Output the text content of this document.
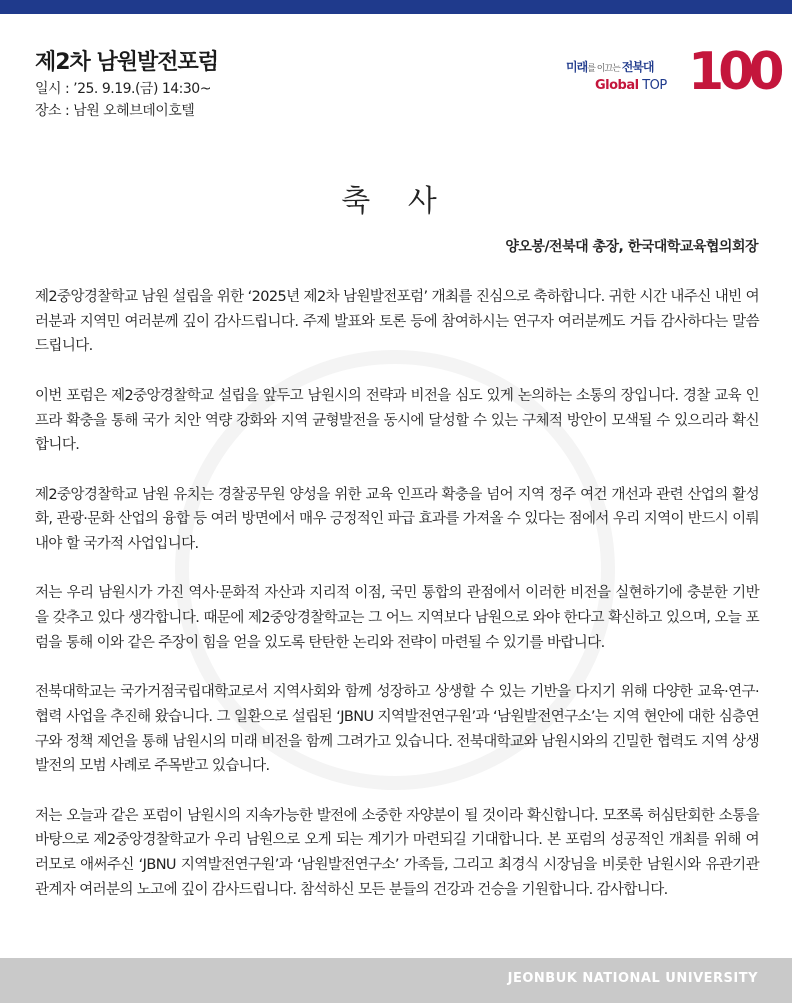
제2차 남원발전포럼
일시 : ’25. 9.19.(금) 14:30~
장소 : 남원 오헤브데이호텔
미래를 이끄는 전북대
Global TOP 100
축 사
양오봉/전북대 총장, 한국대학교육협의회장

제2중앙경찰학교 남원 설립을 위한 ‘2025년 제2차 남원발전포럼’ 개최를 진심으로 축하합니다. 귀한 시간 내주신 내빈 여러분과 지역민 여러분께 깊이 감사드립니다. 주제 발표와 토론 등에 참여하시는 연구자 여러분께도 거듭 감사하다는 말씀 드립니다.

이번 포럼은 제2중앙경찰학교 설립을 앞두고 남원시의 전략과 비전을 심도 있게 논의하는 소통의 장입니다. 경찰 교육 인프라 확충을 통해 국가 치안 역량 강화와 지역 균형발전을 동시에 달성할 수 있는 구체적 방안이 모색될 수 있으리라 확신합니다.

제2중앙경찰학교 남원 유치는 경찰공무원 양성을 위한 교육 인프라 확충을 넘어 지역 정주 여건 개선과 관련 산업의 활성화, 관광·문화 산업의 융합 등 여러 방면에서 매우 긍정적인 파급 효과를 가져올 수 있다는 점에서 우리 지역이 반드시 이뤄내야 할 국가적 사업입니다.

저는 우리 남원시가 가진 역사·문화적 자산과 지리적 이점, 국민 통합의 관점에서 이러한 비전을 실현하기에 충분한 기반을 갖추고 있다 생각합니다. 때문에 제2중앙경찰학교는 그 어느 지역보다 남원으로 와야 한다고 확신하고 있으며, 오늘 포럼을 통해 이와 같은 주장이 힘을 얻을 있도록 탄탄한 논리와 전략이 마련될 수 있기를 바랍니다.

전북대학교는 국가거점국립대학교로서 지역사회와 함께 성장하고 상생할 수 있는 기반을 다지기 위해 다양한 교육·연구·협력 사업을 추진해 왔습니다. 그 일환으로 설립된 ‘JBNU 지역발전연구원’과 ‘남원발전연구소’는 지역 현안에 대한 심층연구와 정책 제언을 통해 남원시의 미래 비전을 함께 그려가고 있습니다. 전북대학교와 남원시와의 긴밀한 협력도 지역 상생발전의 모범 사례로 주목받고 있습니다.

저는 오늘과 같은 포럼이 남원시의 지속가능한 발전에 소중한 자양분이 될 것이라 확신합니다. 모쪼록 허심탄회한 소통을 바탕으로 제2중앙경찰학교가 우리 남원으로 오게 되는 계기가 마련되길 기대합니다. 본 포럼의 성공적인 개최를 위해 여러모로 애써주신 ‘JBNU 지역발전연구원’과 ‘남원발전연구소’ 가족들, 그리고 최경식 시장님을 비롯한 남원시와 유관기관 관계자 여러분의 노고에 깊이 감사드립니다. 참석하신 모든 분들의 건강과 건승을 기원합니다. 감사합니다.

JEONBUK NATIONAL UNIVERSITY
